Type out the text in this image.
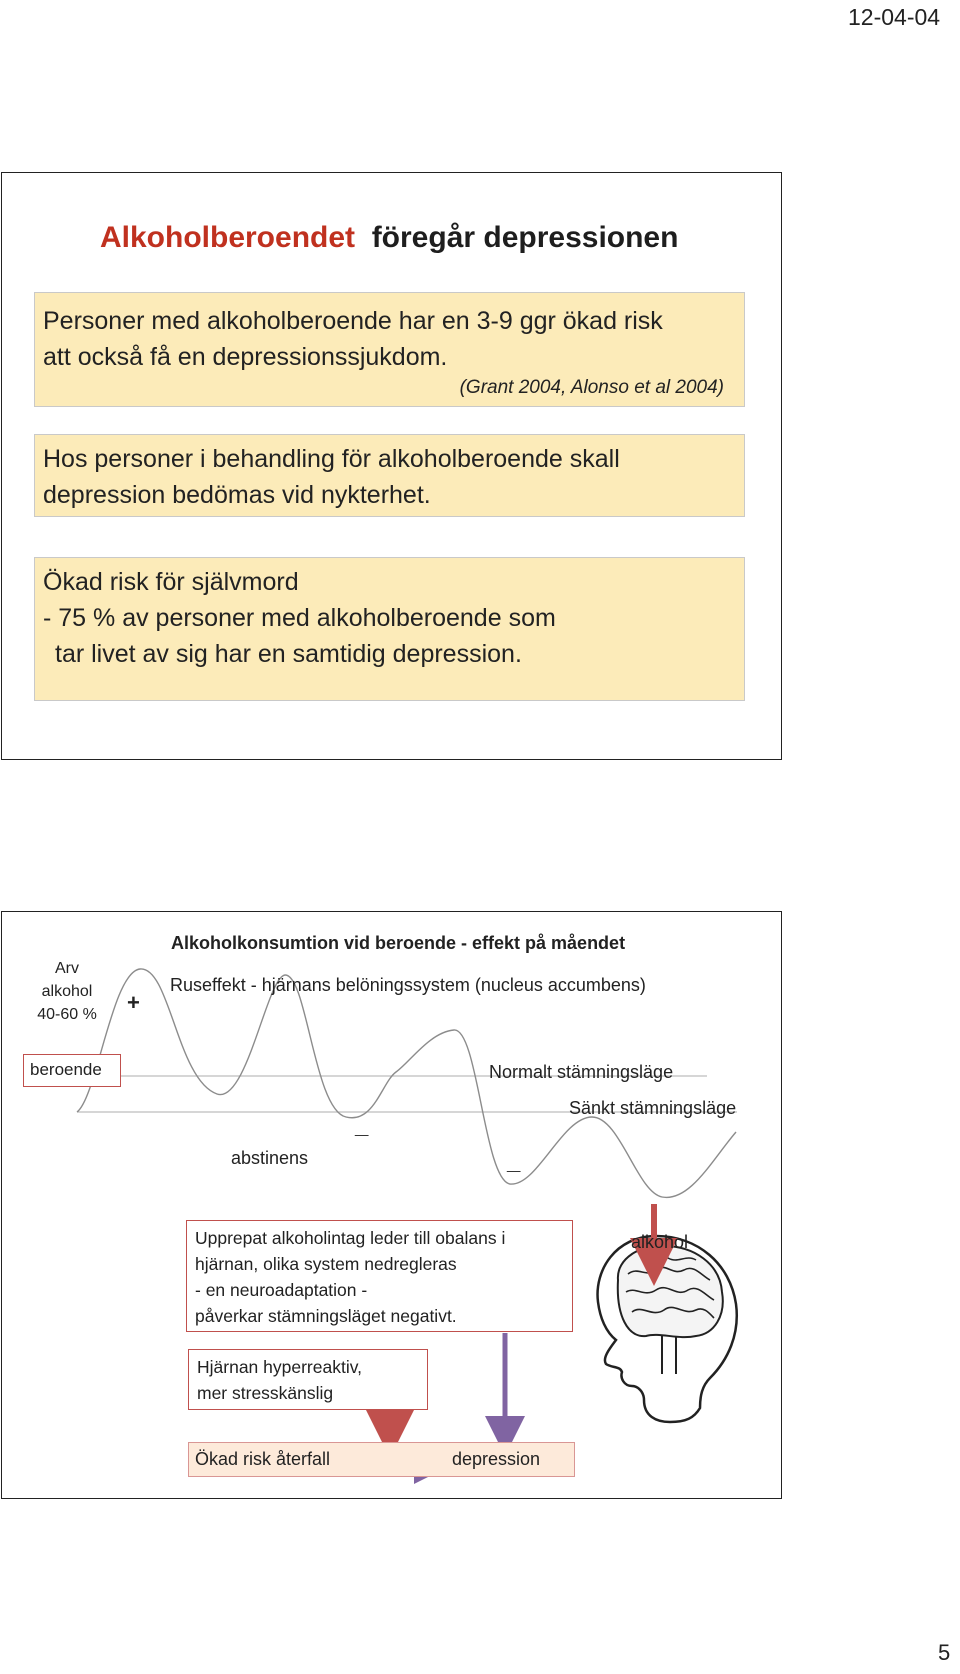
12-04-04
Alkoholberoendet föregår depressionen
Personer med alkoholberoende har en 3-9 ggr ökad risk
att också få en depressionssjukdom.
(Grant 2004, Alonso et al 2004)
Hos personer i behandling för alkoholberoende skall
depression bedömas vid nykterhet.
Ökad risk för självmord
- 75 % av personer med alkoholberoende som
tar livet av sig har en samtidig depression.
Alkoholkonsumtion vid beroende - effekt på måendet
Ruseffekt - hjärnans belöningssystem (nucleus accumbens)
Arv
alkohol
40-60 % +
beroende	Normalt stämningsläge
Sänkt stämningsläge
abstinens
_
_
Upprepat alkoholintag leder till obalans i
hjärnan, olika system nedregleras
- en neuroadaptation -
påverkar stämningsläget negativt.
alkohol
Hjärnan hyperreaktiv,
mer stresskänslig
Ökad risk återfall	depression
5
